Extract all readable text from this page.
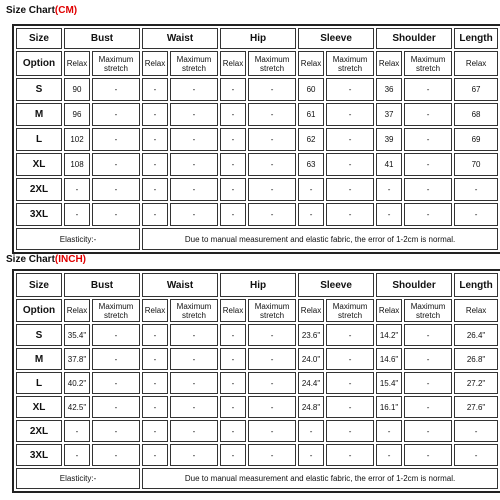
Size Chart(CM)
Size	Bust		Waist		Hip		Sleeve		Shoulder		Length
Option	Relax	Maximum stretch	Relax	Maximum stretch	Relax	Maximum stretch	Relax	Maximum stretch	Relax	Maximum stretch	Relax
S	90	-	-	-	-	-	60	-	36	-	67
M	96	-	-	-	-	-	61	-	37	-	68
L	102	-	-	-	-	-	62	-	39	-	69
XL	108	-	-	-	-	-	63	-	41	-	70
2XL	-	-	-	-	-	-	-	-	-	-	-
3XL	-	-	-	-	-	-	-	-	-	-	-
Elasticity:-			Due to manual measurement and elastic fabric, the error of 1-2cm is normal.								
Size Chart(INCH)
Size	Bust		Waist		Hip		Sleeve		Shoulder		Length
Option	Relax	Maximum stretch	Relax	Maximum stretch	Relax	Maximum stretch	Relax	Maximum stretch	Relax	Maximum stretch	Relax
S	35.4"	-	-	-	-	-	23.6"	-	14.2"	-	26.4"
M	37.8"	-	-	-	-	-	24.0"	-	14.6"	-	26.8"
L	40.2"	-	-	-	-	-	24.4"	-	15.4"	-	27.2"
XL	42.5"	-	-	-	-	-	24.8"	-	16.1"	-	27.6"
2XL	-	-	-	-	-	-	-	-	-	-	-
3XL	-	-	-	-	-	-	-	-	-	-	-
Elasticity:-			Due to manual measurement and elastic fabric, the error of 1-2cm is normal.								
